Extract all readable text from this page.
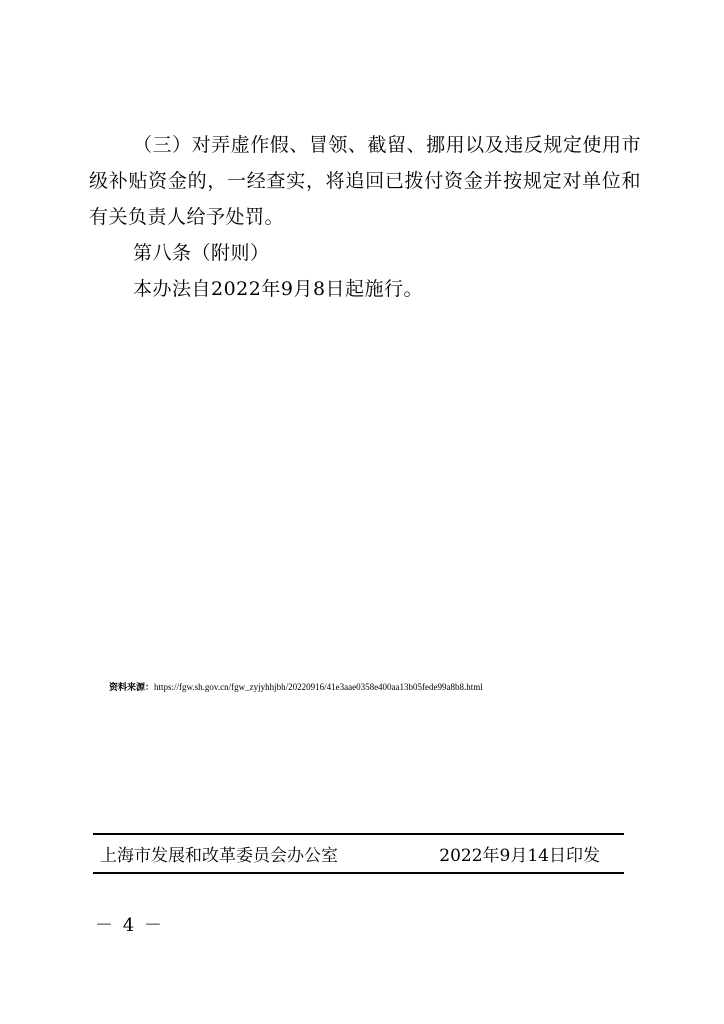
（三）对弄虚作假、冒领、截留、挪用以及违反规定使用市级补贴资金的，一经查实，将追回已拨付资金并按规定对单位和有关负责人给予处罚。

第八条（附则）

本办法自2022年9月8日起施行。

资料来源：https://fgw.sh.gov.cn/fgw_zyjyhhjbh/20220916/41e3aae0358e400aa13b05fede99a8b8.html
上海市发展和改革委员会办公室	2022年9月14日印发
－ 4 －
